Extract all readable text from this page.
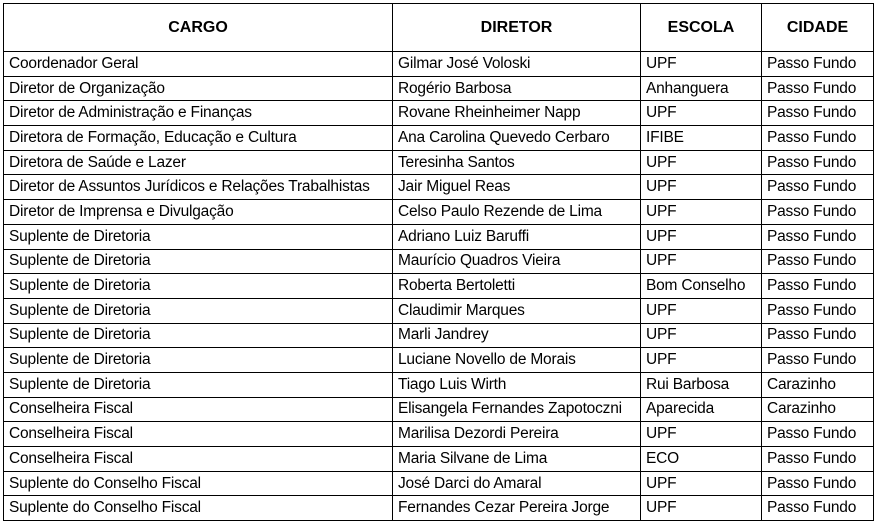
CARGO	DIRETOR	ESCOLA	CIDADE
Coordenador Geral	Gilmar José Voloski	UPF	Passo Fundo
Diretor de Organização	Rogério Barbosa	Anhanguera	Passo Fundo
Diretor de Administração e Finanças	Rovane Rheinheimer Napp	UPF	Passo Fundo
Diretora de Formação, Educação e Cultura	Ana Carolina Quevedo Cerbaro	IFIBE	Passo Fundo
Diretora de Saúde e Lazer	Teresinha Santos	UPF	Passo Fundo
Diretor de Assuntos Jurídicos e Relações Trabalhistas	Jair Miguel Reas	UPF	Passo Fundo
Diretor de Imprensa e Divulgação	Celso Paulo Rezende de Lima	UPF	Passo Fundo
Suplente de Diretoria	Adriano Luiz Baruffi	UPF	Passo Fundo
Suplente de Diretoria	Maurício Quadros Vieira	UPF	Passo Fundo
Suplente de Diretoria	Roberta Bertoletti	Bom Conselho	Passo Fundo
Suplente de Diretoria	Claudimir Marques	UPF	Passo Fundo
Suplente de Diretoria	Marli Jandrey	UPF	Passo Fundo
Suplente de Diretoria	Luciane Novello de Morais	UPF	Passo Fundo
Suplente de Diretoria	Tiago Luis Wirth	Rui Barbosa	Carazinho
Conselheira Fiscal	Elisangela Fernandes Zapotoczni	Aparecida	Carazinho
Conselheira Fiscal	Marilisa Dezordi Pereira	UPF	Passo Fundo
Conselheira Fiscal	Maria Silvane de Lima	ECO	Passo Fundo
Suplente do Conselho Fiscal	José Darci do Amaral	UPF	Passo Fundo
Suplente do Conselho Fiscal	Fernandes Cezar Pereira Jorge	UPF	Passo Fundo
